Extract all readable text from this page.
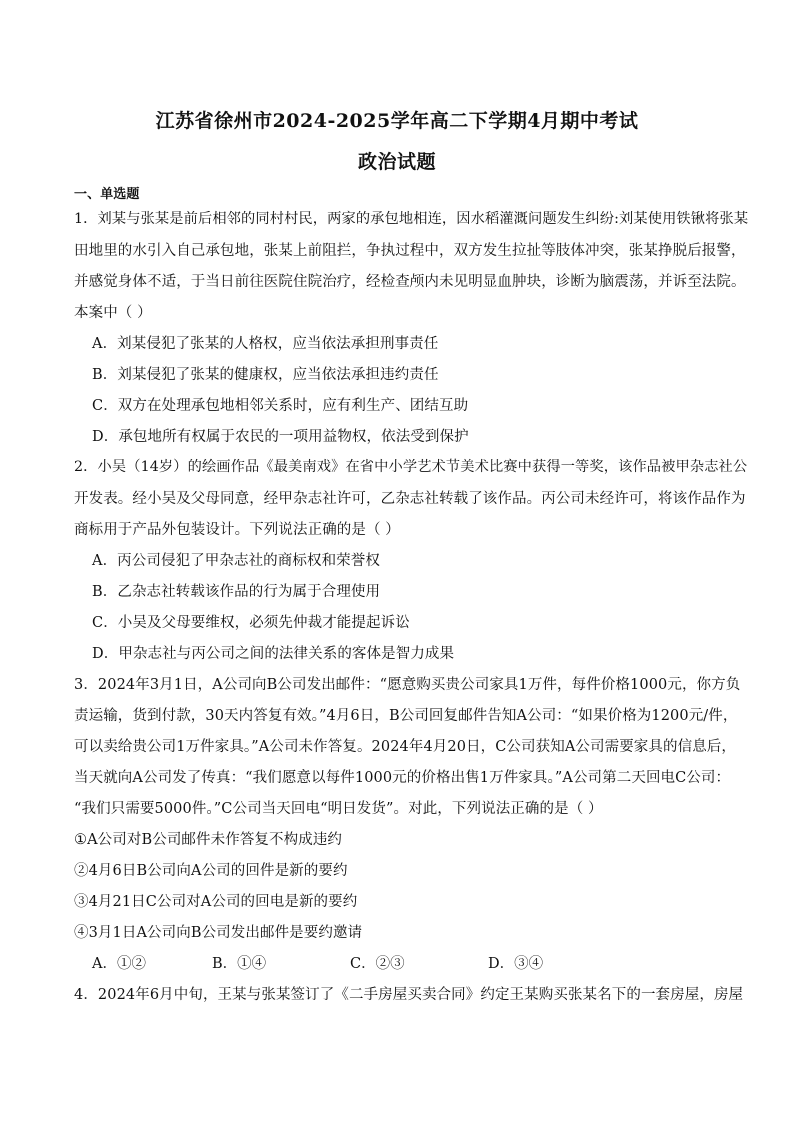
江苏省徐州市2024-2025学年高二下学期4月期中考试
政治试题
一、单选题
1．刘某与张某是前后相邻的同村村民，两家的承包地相连，因水稻灌溉问题发生纠纷:刘某使用铁锹将张某
田地里的水引入自己承包地，张某上前阻拦，争执过程中，双方发生拉扯等肢体冲突，张某挣脱后报警，
并感觉身体不适，于当日前往医院住院治疗，经检查颅内未见明显血肿块，诊断为脑震荡，并诉至法院。
本案中（ ）
A．刘某侵犯了张某的人格权，应当依法承担刑事责任
B．刘某侵犯了张某的健康权，应当依法承担违约责任
C．双方在处理承包地相邻关系时，应有利生产、团结互助
D．承包地所有权属于农民的一项用益物权，依法受到保护
2．小吴（14岁）的绘画作品《最美南戏》在省中小学艺术节美术比赛中获得一等奖，该作品被甲杂志社公
开发表。经小吴及父母同意，经甲杂志社许可，乙杂志社转载了该作品。丙公司未经许可，将该作品作为
商标用于产品外包装设计。下列说法正确的是（ ）
A．丙公司侵犯了甲杂志社的商标权和荣誉权
B．乙杂志社转载该作品的行为属于合理使用
C．小吴及父母要维权，必须先仲裁才能提起诉讼
D．甲杂志社与丙公司之间的法律关系的客体是智力成果
3．2024年3月1日，A公司向B公司发出邮件：“愿意购买贵公司家具1万件，每件价格1000元，你方负
责运输，货到付款，30天内答复有效。”4月6日，B公司回复邮件告知A公司：“如果价格为1200元/件，
可以卖给贵公司1万件家具。”A公司未作答复。2024年4月20日，C公司获知A公司需要家具的信息后，
当天就向A公司发了传真：“我们愿意以每件1000元的价格出售1万件家具。”A公司第二天回电C公司：
“我们只需要5000件。”C公司当天回电“明日发货”。对此，下列说法正确的是（ ）
①A公司对B公司邮件未作答复不构成违约
②4月6日B公司向A公司的回件是新的要约
③4月21日C公司对A公司的回电是新的要约
④3月1日A公司向B公司发出邮件是要约邀请
A．①②	B．①④	C．②③	D．③④
4．2024年6月中旬，王某与张某签订了《二手房屋买卖合同》约定王某购买张某名下的一套房屋，房屋
